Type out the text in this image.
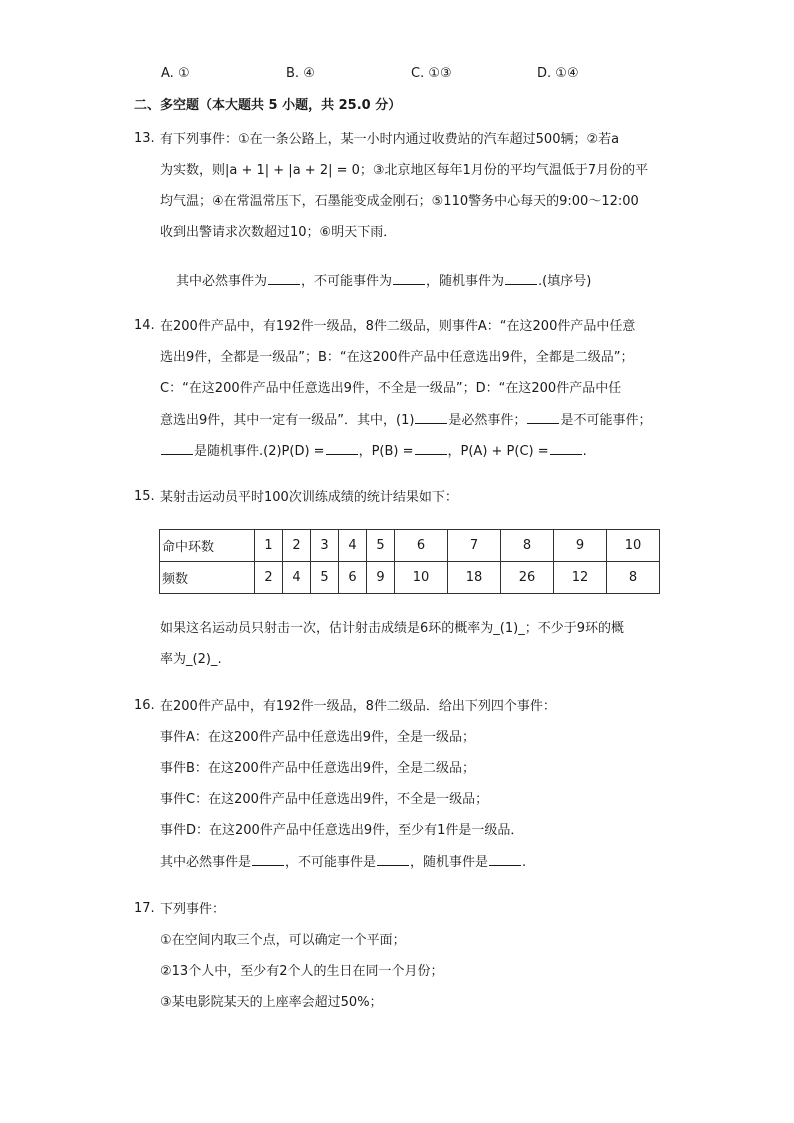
A. ①	B. ④	C. ①③	D. ①④
二、多空题（本大题共 5 小题，共 25.0 分）
13. 有下列事件：①在一条公路上，某一小时内通过收费站的汽车超过500辆；②若a
为实数，则|a + 1| + |a + 2| = 0；③北京地区每年1月份的平均气温低于7月份的平
均气温；④在常温常压下，石墨能变成金刚石；⑤110警务中心每天的9:00～12:00
收到出警请求次数超过10；⑥明天下雨．
其中必然事件为	，不可能事件为	，随机事件为	.(填序号)
14. 在200件产品中，有192件一级品，8件二级品，则事件A：“在这200件产品中任意
选出9件，全都是一级品”；B：“在这200件产品中任意选出9件，全都是二级品”；
C：“在这200件产品中任意选出9件，不全是一级品”；D：“在这200件产品中任
意选出9件，其中一定有一级品”．其中，(1)	是必然事件；	是不可能事件；
是随机事件.(2)P(D) =	，P(B) =	，P(A) + P(C) =	.
15. 某射击运动员平时100次训练成绩的统计结果如下：
命中环数	1	2	3	4	5	6	7	8	9	10
频数	2	4	5	6	9	10	18	26	12	8
如果这名运动员只射击一次，估计射击成绩是6环的概率为_(1)_；不少于9环的概
率为_(2)_.
16. 在200件产品中，有192件一级品，8件二级品．给出下列四个事件：
事件A：在这200件产品中任意选出9件，全是一级品；
事件B：在这200件产品中任意选出9件，全是二级品；
事件C：在这200件产品中任意选出9件，不全是一级品；
事件D：在这200件产品中任意选出9件，至少有1件是一级品．
其中必然事件是	，不可能事件是	，随机事件是	.
17. 下列事件：
①在空间内取三个点，可以确定一个平面；
②13个人中，至少有2个人的生日在同一个月份；
③某电影院某天的上座率会超过50%；
